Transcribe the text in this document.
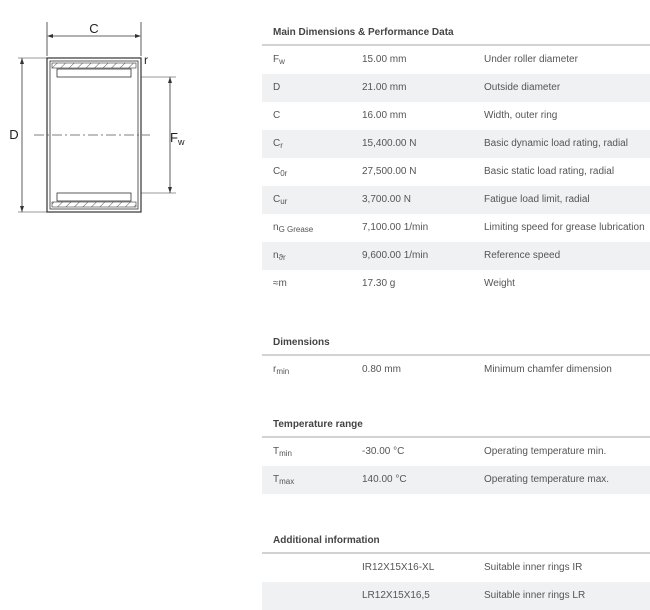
C
r
D	$F_w$
Main Dimensions & Performance Data
$F_w$	15.00 mm	Under roller diameter
D	21.00 mm	Outside diameter
C	16.00 mm	Width, outer ring
$C_r$	15,400.00 N	Basic dynamic load rating, radial
$C_{0r}$	27,500.00 N	Basic static load rating, radial
$C_{ur}$	3,700.00 N	Fatigue load limit, radial
$n_{G Grease}$	7,100.00 1/min	Limiting speed for grease lubrication
$n_{ϑr}$	9,600.00 1/min	Reference speed
≈m	17.30 g	Weight
Dimensions
$r_{min}$	0.80 mm	Minimum chamfer dimension
Temperature range
$T_{min}$	-30.00 °C	Operating temperature min.
$T_{max}$	140.00 °C	Operating temperature max.
Additional information
IR12X15X16-XL	Suitable inner rings IR
LR12X15X16,5	Suitable inner rings LR
